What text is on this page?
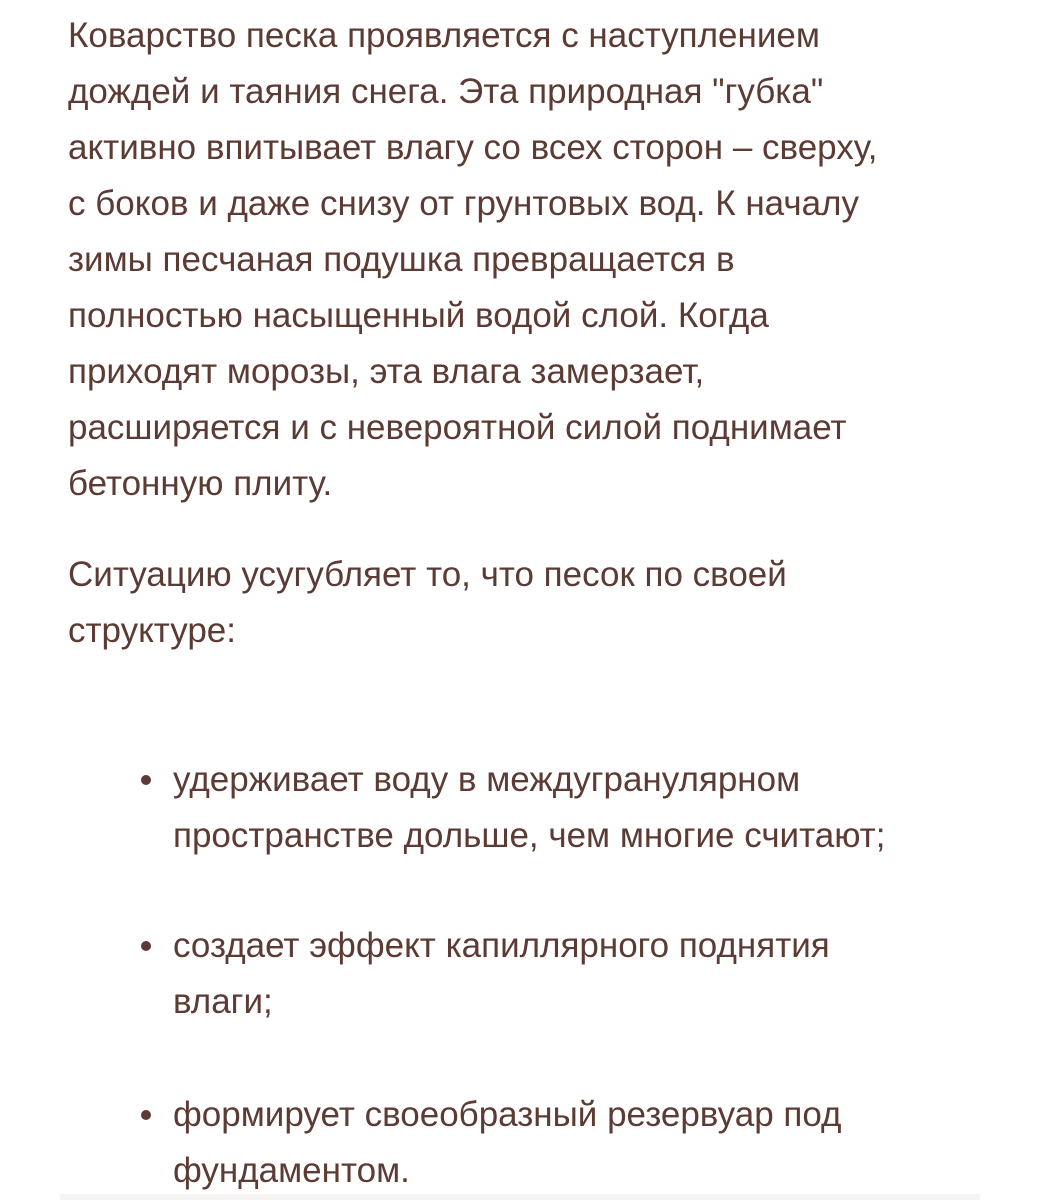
Коварство песка проявляется с наступлением
дождей и таяния снега. Эта природная "губка"
активно впитывает влагу со всех сторон – сверху,
с боков и даже снизу от грунтовых вод. К началу
зимы песчаная подушка превращается в
полностью насыщенный водой слой. Когда
приходят морозы, эта влага замерзает,
расширяется и с невероятной силой поднимает
бетонную плиту.
Ситуацию усугубляет то, что песок по своей
структуре:
удерживает воду в междугранулярном
пространстве дольше, чем многие считают;
создает эффект капиллярного поднятия
влаги;
формирует своеобразный резервуар под
фундаментом.
